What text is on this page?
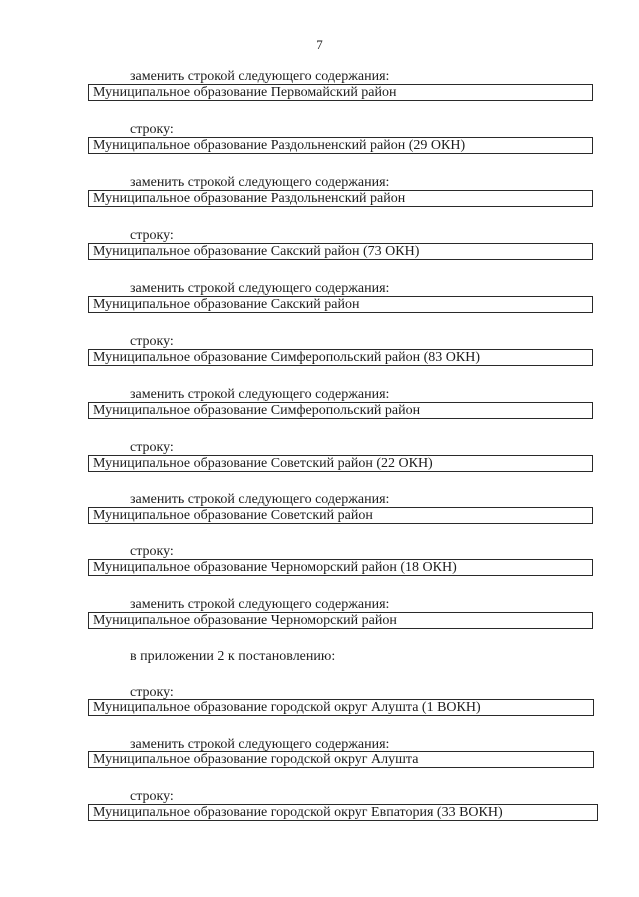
7
заменить строкой следующего содержания:
Муниципальное образование Первомайский район
строку:
Муниципальное образование Раздольненский район (29 ОКН)
заменить строкой следующего содержания:
Муниципальное образование Раздольненский район
строку:
Муниципальное образование Сакский район (73 ОКН)
заменить строкой следующего содержания:
Муниципальное образование Сакский район
строку:
Муниципальное образование Симферопольский район (83 ОКН)
заменить строкой следующего содержания:
Муниципальное образование Симферопольский район
строку:
Муниципальное образование Советский район (22 ОКН)
заменить строкой следующего содержания:
Муниципальное образование Советский район
строку:
Муниципальное образование Черноморский район (18 ОКН)
заменить строкой следующего содержания:
Муниципальное образование Черноморский район
в приложении 2 к постановлению:
строку:
Муниципальное образование городской округ Алушта (1 ВОКН)
заменить строкой следующего содержания:
Муниципальное образование городской округ Алушта
строку:
Муниципальное образование городской округ Евпатория (33 ВОКН)
